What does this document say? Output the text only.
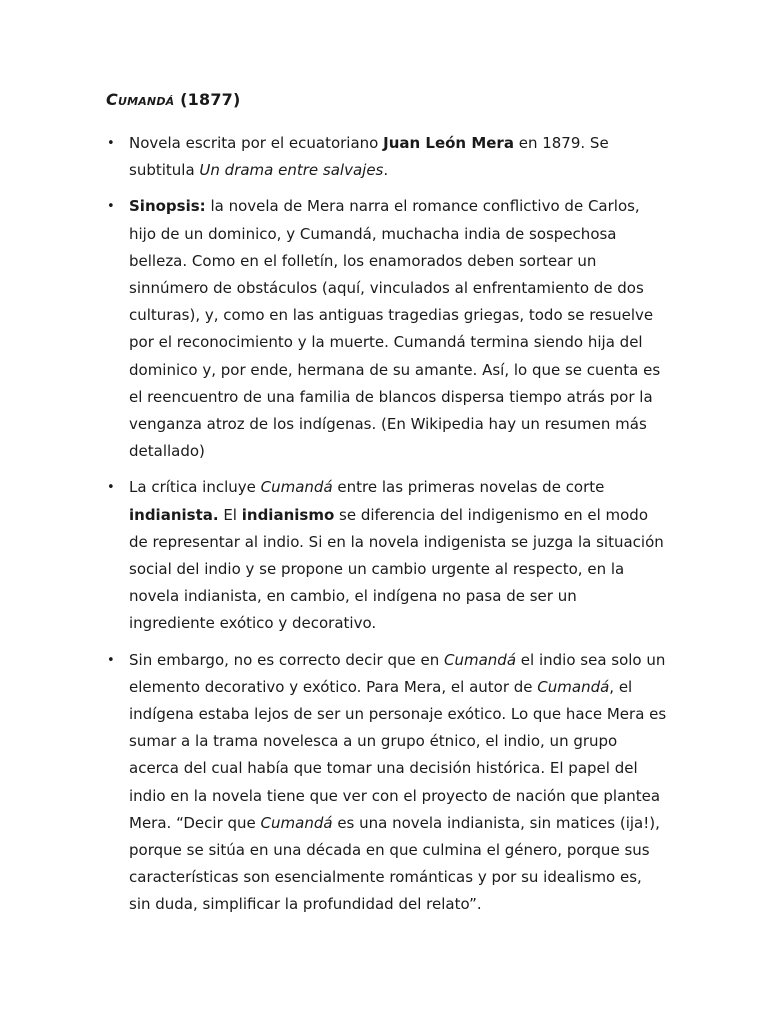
Cumandá (1877)
• Novela escrita por el ecuatoriano Juan León Mera en 1879. Se subtitula Un drama entre salvajes.
• Sinopsis: la novela de Mera narra el romance conflictivo de Carlos, hijo de un dominico, y Cumandá, muchacha india de sospechosa belleza. Como en el folletín, los enamorados deben sortear un sinnúmero de obstáculos (aquí, vinculados al enfrentamiento de dos culturas), y, como en las antiguas tragedias griegas, todo se resuelve por el reconocimiento y la muerte. Cumandá termina siendo hija del dominico y, por ende, hermana de su amante. Así, lo que se cuenta es el reencuentro de una familia de blancos dispersa tiempo atrás por la venganza atroz de los indígenas. (En Wikipedia hay un resumen más detallado)
• La crítica incluye Cumandá entre las primeras novelas de corte indianista. El indianismo se diferencia del indigenismo en el modo de representar al indio. Si en la novela indigenista se juzga la situación social del indio y se propone un cambio urgente al respecto, en la novela indianista, en cambio, el indígena no pasa de ser un ingrediente exótico y decorativo.
• Sin embargo, no es correcto decir que en Cumandá el indio sea solo un elemento decorativo y exótico. Para Mera, el autor de Cumandá, el indígena estaba lejos de ser un personaje exótico. Lo que hace Mera es sumar a la trama novelesca a un grupo étnico, el indio, un grupo acerca del cual había que tomar una decisión histórica. El papel del indio en la novela tiene que ver con el proyecto de nación que plantea Mera. “Decir que Cumandá es una novela indianista, sin matices (ija!), porque se sitúa en una década en que culmina el género, porque sus características son esencialmente románticas y por su idealismo es, sin duda, simplificar la profundidad del relato”.
